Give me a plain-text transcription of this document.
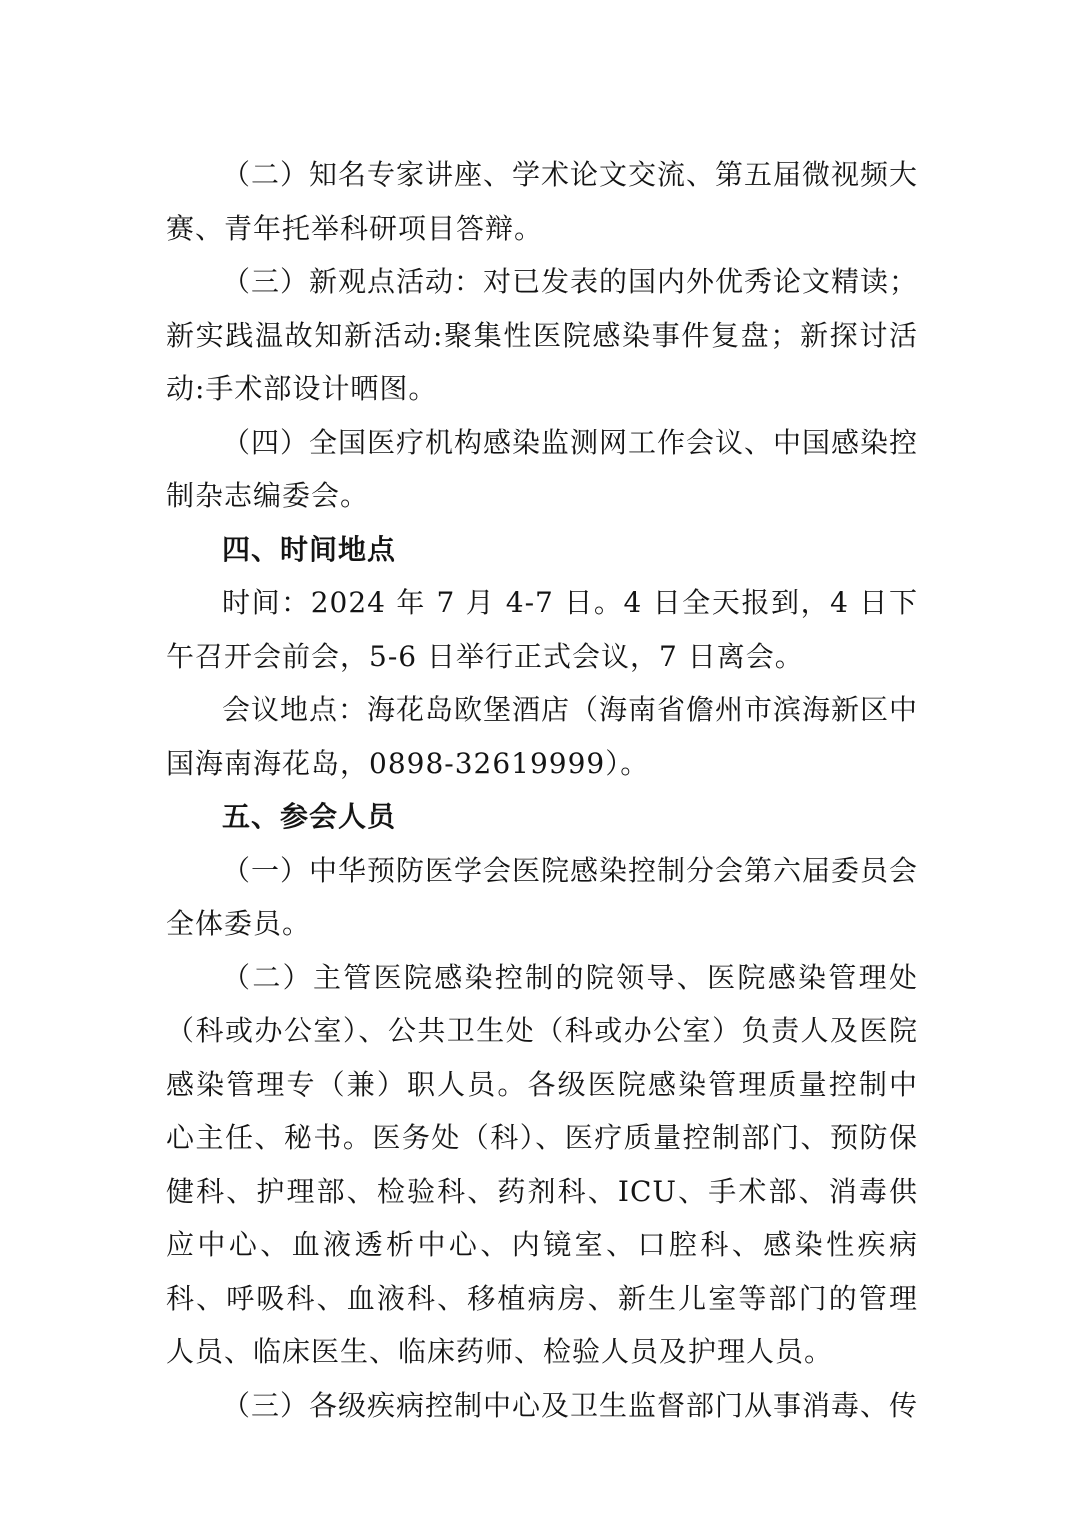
（二）知名专家讲座、学术论文交流、第五届微视频大赛、青年托举科研项目答辩。

（三）新观点活动：对已发表的国内外优秀论文精读；新实践温故知新活动:聚集性医院感染事件复盘；新探讨活动:手术部设计晒图。

（四）全国医疗机构感染监测网工作会议、中国感染控制杂志编委会。

四、时间地点

时间：2024 年 7 月 4-7 日。4 日全天报到，4 日下午召开会前会，5-6 日举行正式会议，7 日离会。

会议地点：海花岛欧堡酒店（海南省儋州市滨海新区中国海南海花岛，0898-32619999）。

五、参会人员

（一）中华预防医学会医院感染控制分会第六届委员会全体委员。

（二）主管医院感染控制的院领导、医院感染管理处（科或办公室）、公共卫生处（科或办公室）负责人及医院感染管理专（兼）职人员。各级医院感染管理质量控制中心主任、秘书。医务处（科）、医疗质量控制部门、预防保健科、护理部、检验科、药剂科、ICU、手术部、消毒供应中心、血液透析中心、内镜室、口腔科、感染性疾病科、呼吸科、血液科、移植病房、新生儿室等部门的管理人员、临床医生、临床药师、检验人员及护理人员。

（三）各级疾病控制中心及卫生监督部门从事消毒、传
